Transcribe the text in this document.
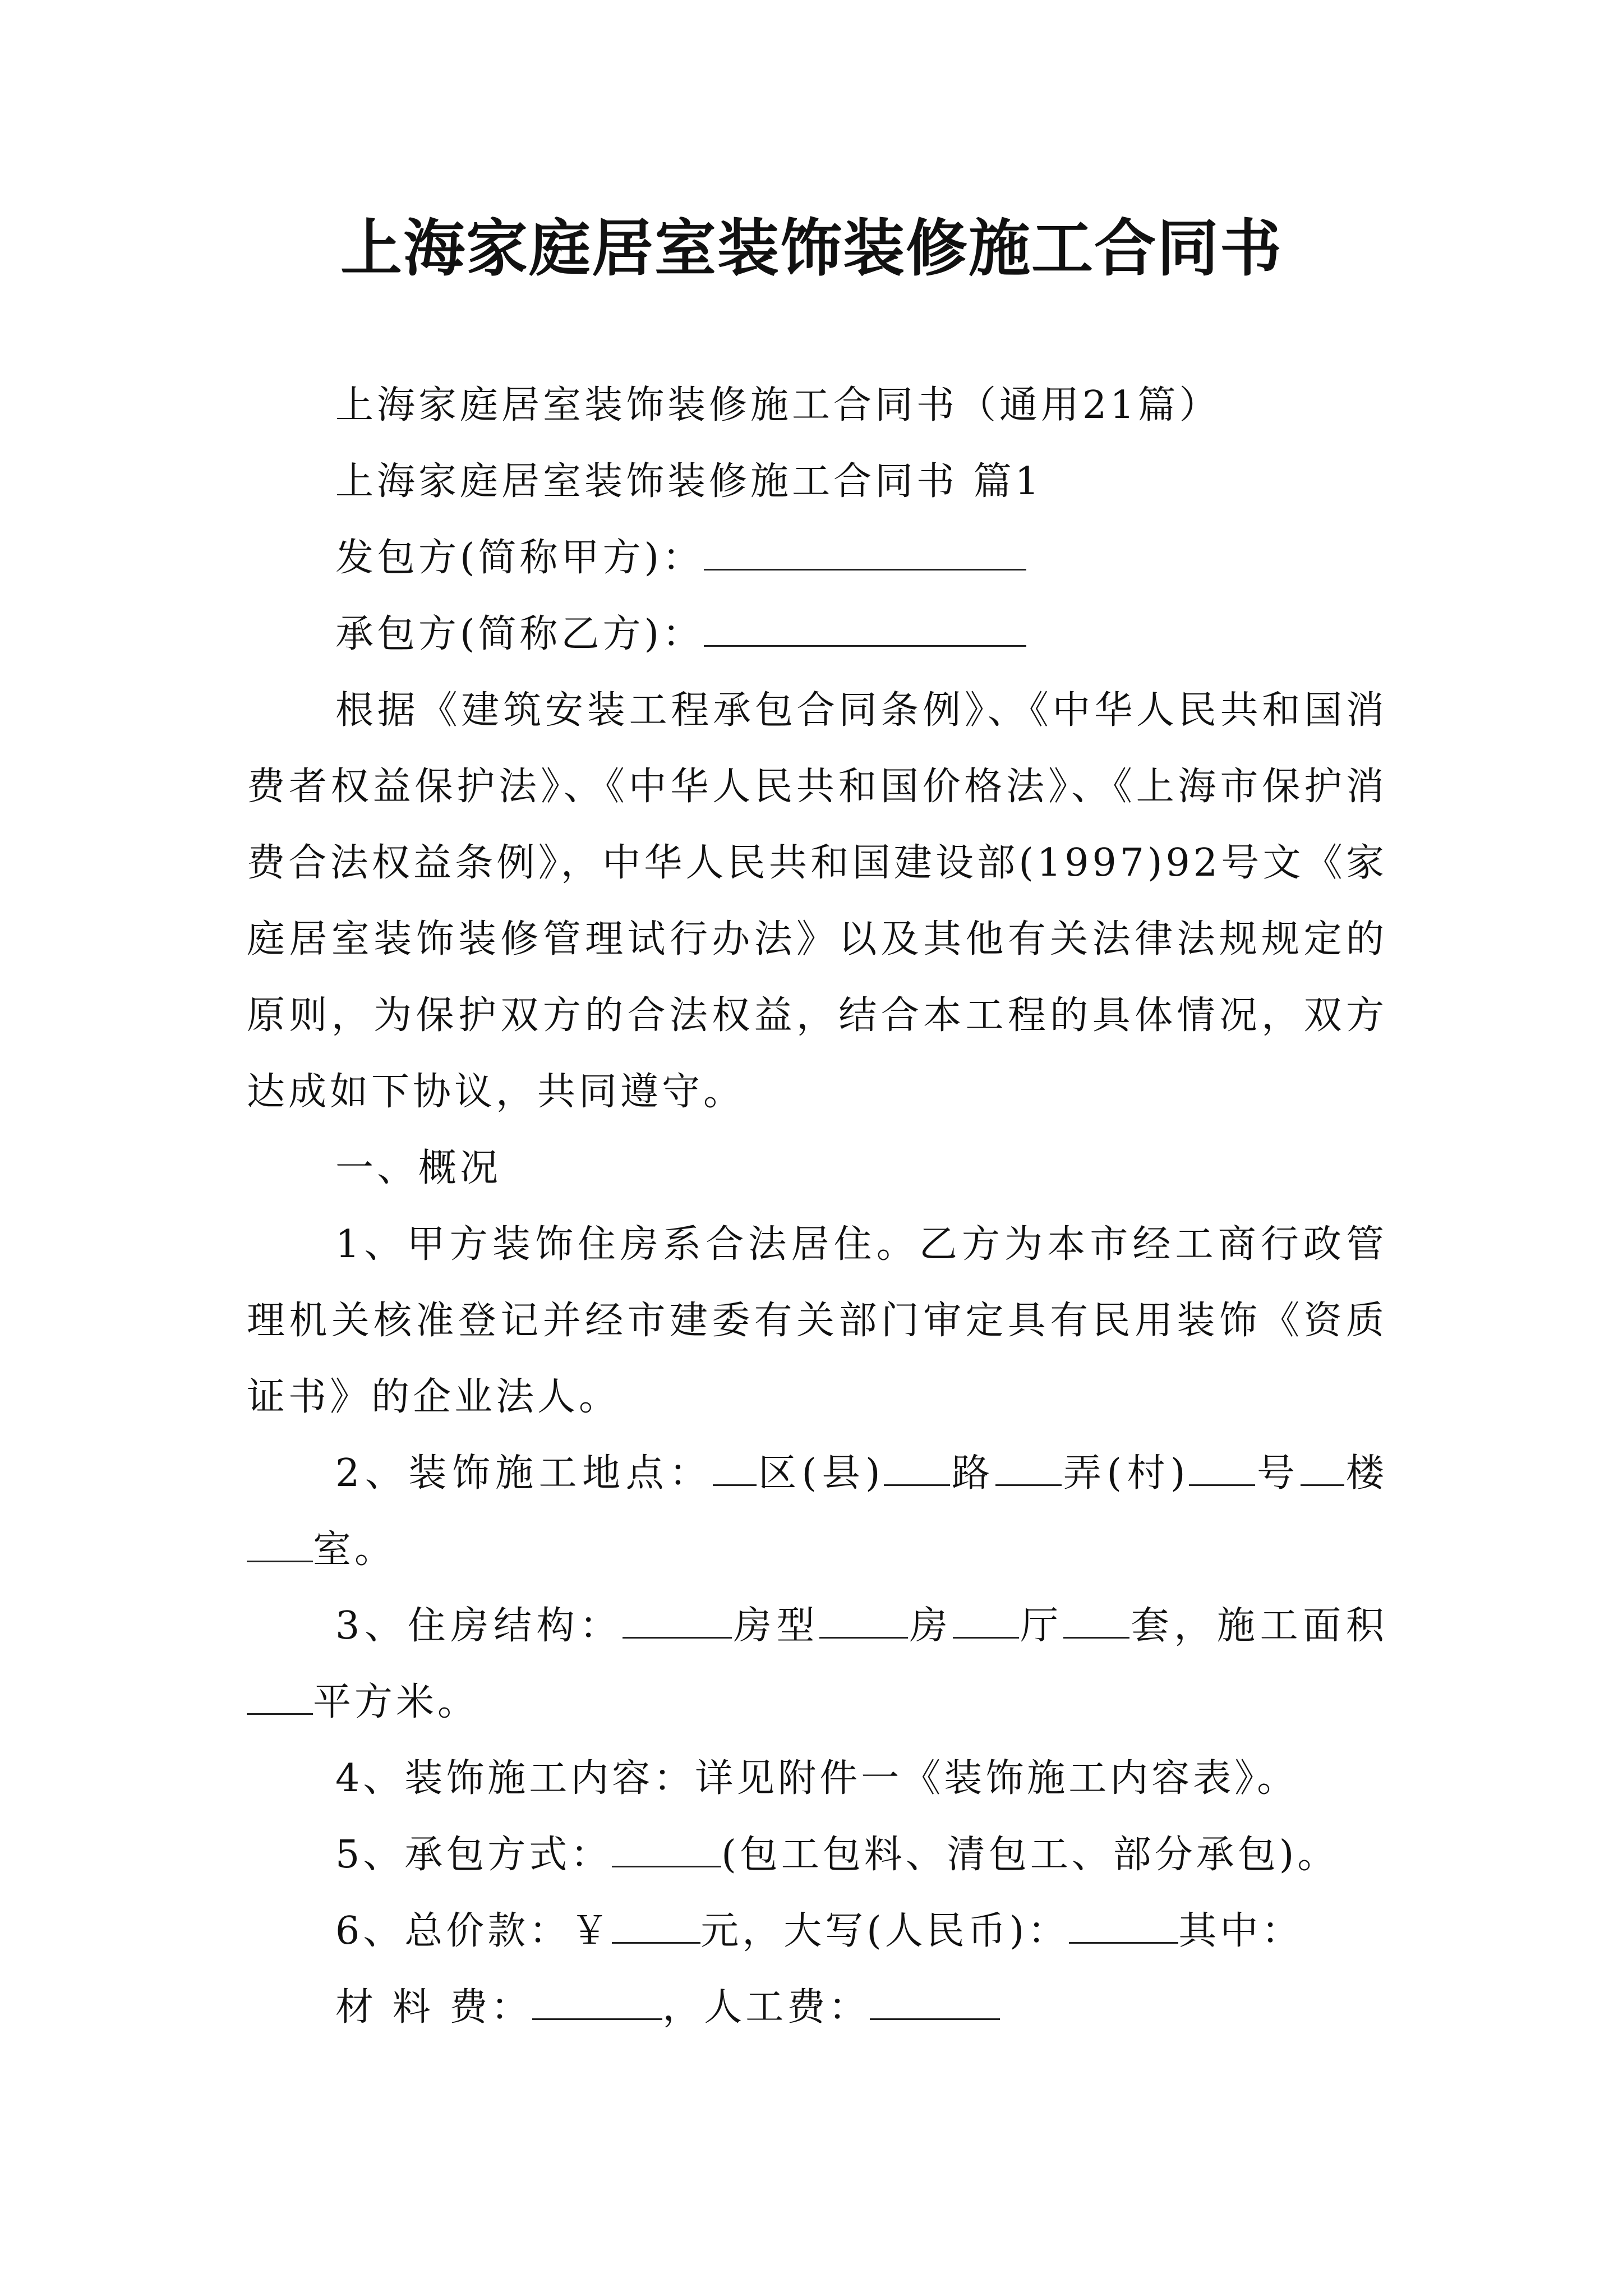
上海家庭居室装饰装修施工合同书

上海家庭居室装饰装修施工合同书（通用21篇）

上海家庭居室装饰装修施工合同书 篇1

发包方(简称甲方)：

承包方(简称乙方)：

根据《建筑安装工程承包合同条例》、《中华人民共和国消费者权益保护法》、《中华人民共和国价格法》、《上海市保护消费合法权益条例》，中华人民共和国建设部(1997)92号文《家庭居室装饰装修管理试行办法》以及其他有关法律法规规定的原则，为保护双方的合法权益，结合本工程的具体情况，双方达成如下协议，共同遵守。

一、概况

1、甲方装饰住房系合法居住。乙方为本市经工商行政管理机关核准登记并经市建委有关部门审定具有民用装饰《资质证书》的企业法人。

2、装饰施工地点： 区(县) 路 弄(村) 号 楼室。

3、住房结构：	房型 房 厅 套，施工面积平方米。

4、装饰施工内容：详见附件一《装饰施工内容表》。

5、承包方式：	(包工包料、清包工、部分承包)。

6、总价款：￥ 元，大写(人民币)：	其中：

材 料 费：	，人工费：
